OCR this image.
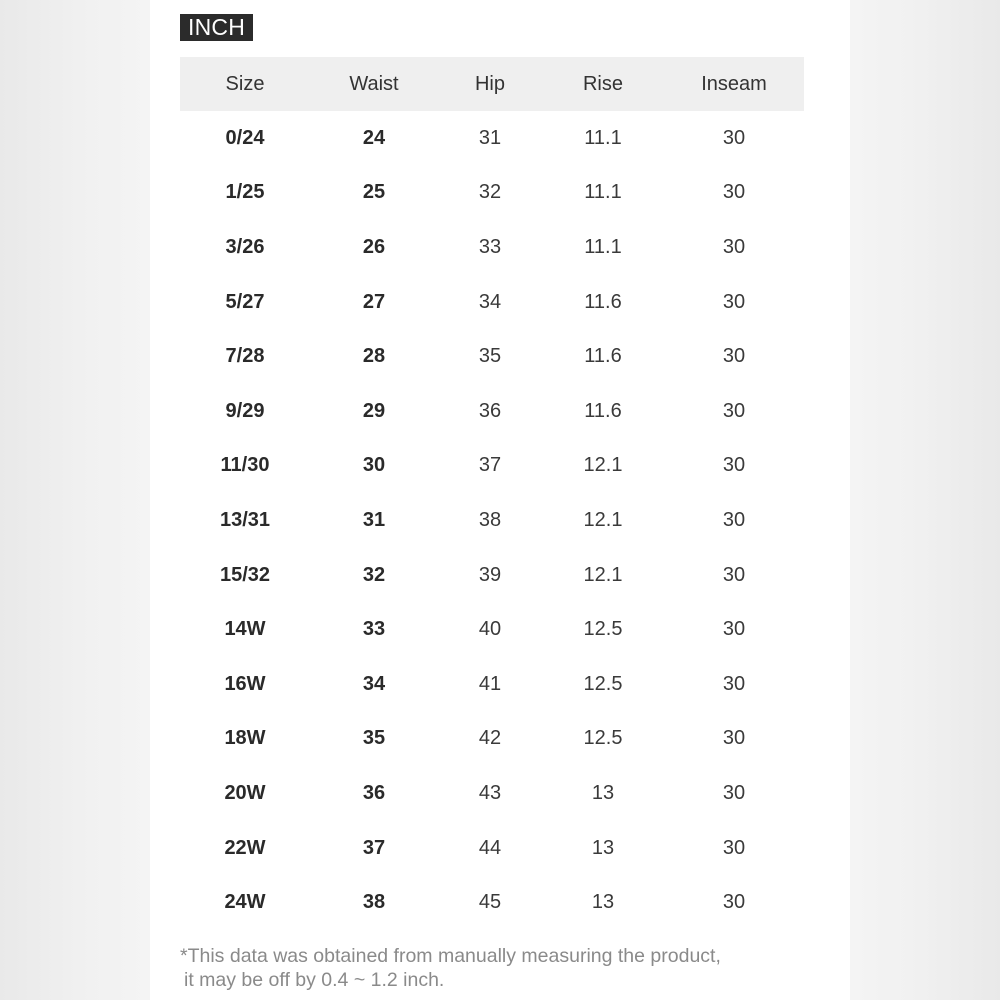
INCH
Size	Waist	Hip	Rise	Inseam
0/24	24	31	11.1	30
1/25	25	32	11.1	30
3/26	26	33	11.1	30
5/27	27	34	11.6	30
7/28	28	35	11.6	30
9/29	29	36	11.6	30
11/30	30	37	12.1	30
13/31	31	38	12.1	30
15/32	32	39	12.1	30
14W	33	40	12.5	30
16W	34	41	12.5	30
18W	35	42	12.5	30
20W	36	43	13	30
22W	37	44	13	30
24W	38	45	13	30
*This data was obtained from manually measuring the product,
it may be off by 0.4 ~ 1.2 inch.
